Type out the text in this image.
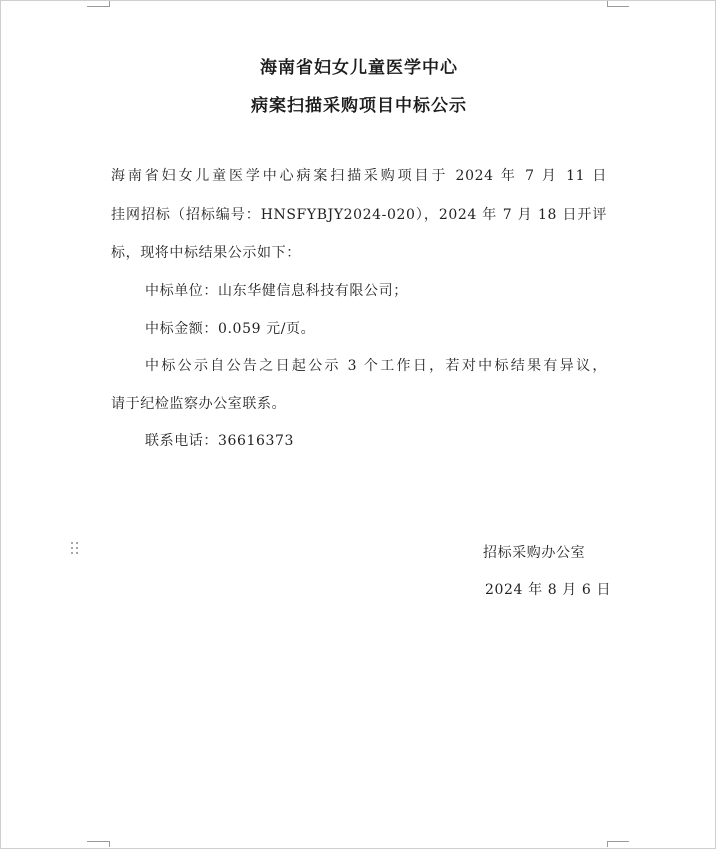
海南省妇女儿童医学中心
病案扫描采购项目中标公示
海南省妇女儿童医学中心病案扫描采购项目于 2024 年 7 月 11 日
挂网招标（招标编号：HNSFYBJY2024-020），2024 年 7 月 18 日开评
标，现将中标结果公示如下：
中标单位：山东华健信息科技有限公司；
中标金额：0.059 元/页。
中标公示自公告之日起公示 3 个工作日，若对中标结果有异议，
请于纪检监察办公室联系。
联系电话：36616373
招标采购办公室
2024 年 8 月 6 日
